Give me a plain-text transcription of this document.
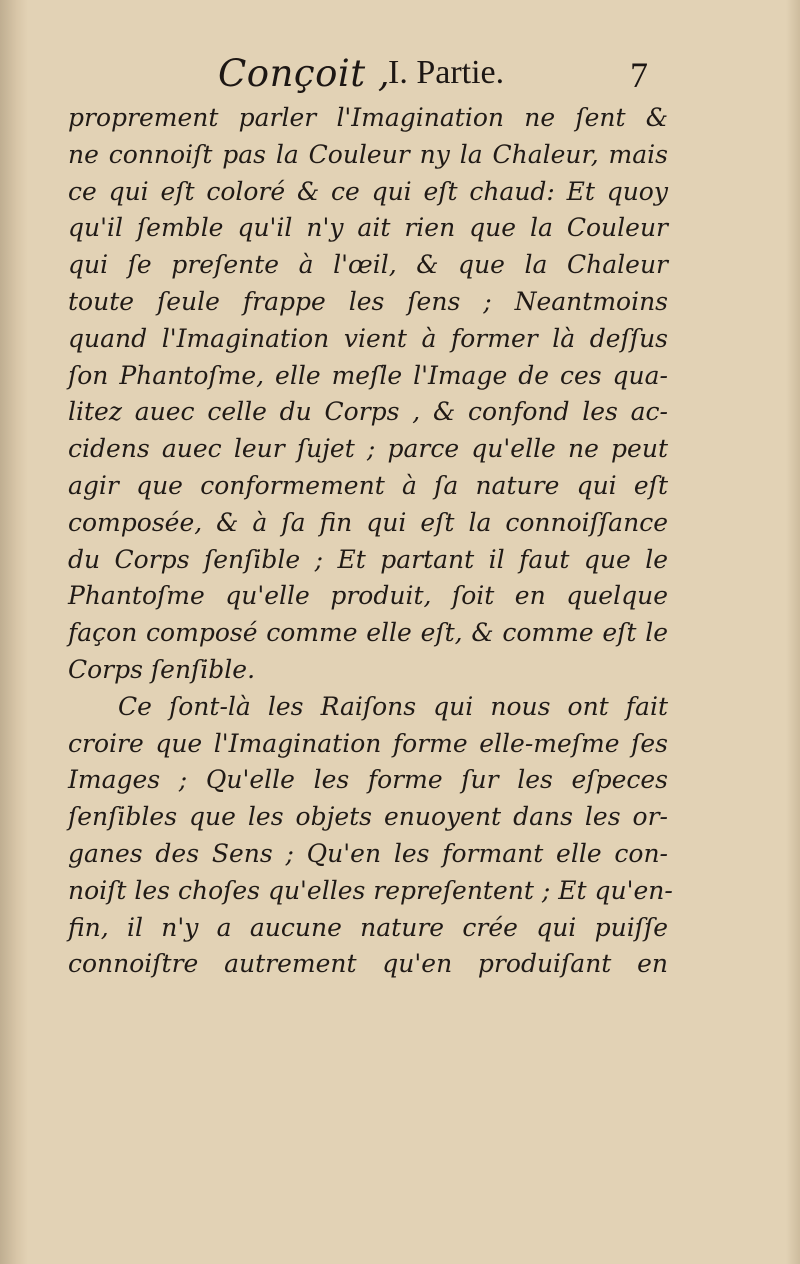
Conçoit ,
I. Partie.	7
proprement parler l'Imagination ne ſent &
ne connoiſt pas la Couleur ny la Chaleur, mais
ce qui eſt coloré & ce qui eſt chaud: Et quoy
qu'il ſemble qu'il n'y ait rien que la Couleur
qui ſe preſente à l'œil, & que la Chaleur
toute ſeule frappe les ſens ; Neantmoins
quand l'Imagination vient à former là deſſus
ſon Phantoſme, elle meſle l'Image de ces qua-
litez auec celle du Corps , & confond les ac-
cidens auec leur ſujet ; parce qu'elle ne peut
agir que conformement à ſa nature qui eſt
composée, & à ſa fin qui eſt la connoiſſance
du Corps ſenſible ; Et partant il faut que le
Phantoſme qu'elle produit, ſoit en quelque
façon composé comme elle eſt, & comme eſt le
Corps ſenſible.
Ce ſont-là les Raiſons qui nous ont fait
croire que l'Imagination forme elle-meſme ſes
Images ; Qu'elle les forme ſur les eſpeces
ſenſibles que les objets enuoyent dans les or-
ganes des Sens ; Qu'en les formant elle con-
noiſt les choſes qu'elles repreſentent ; Et qu'en-
fin, il n'y a aucune nature crée qui puiſſe
connoiſtre autrement qu'en produiſant en
